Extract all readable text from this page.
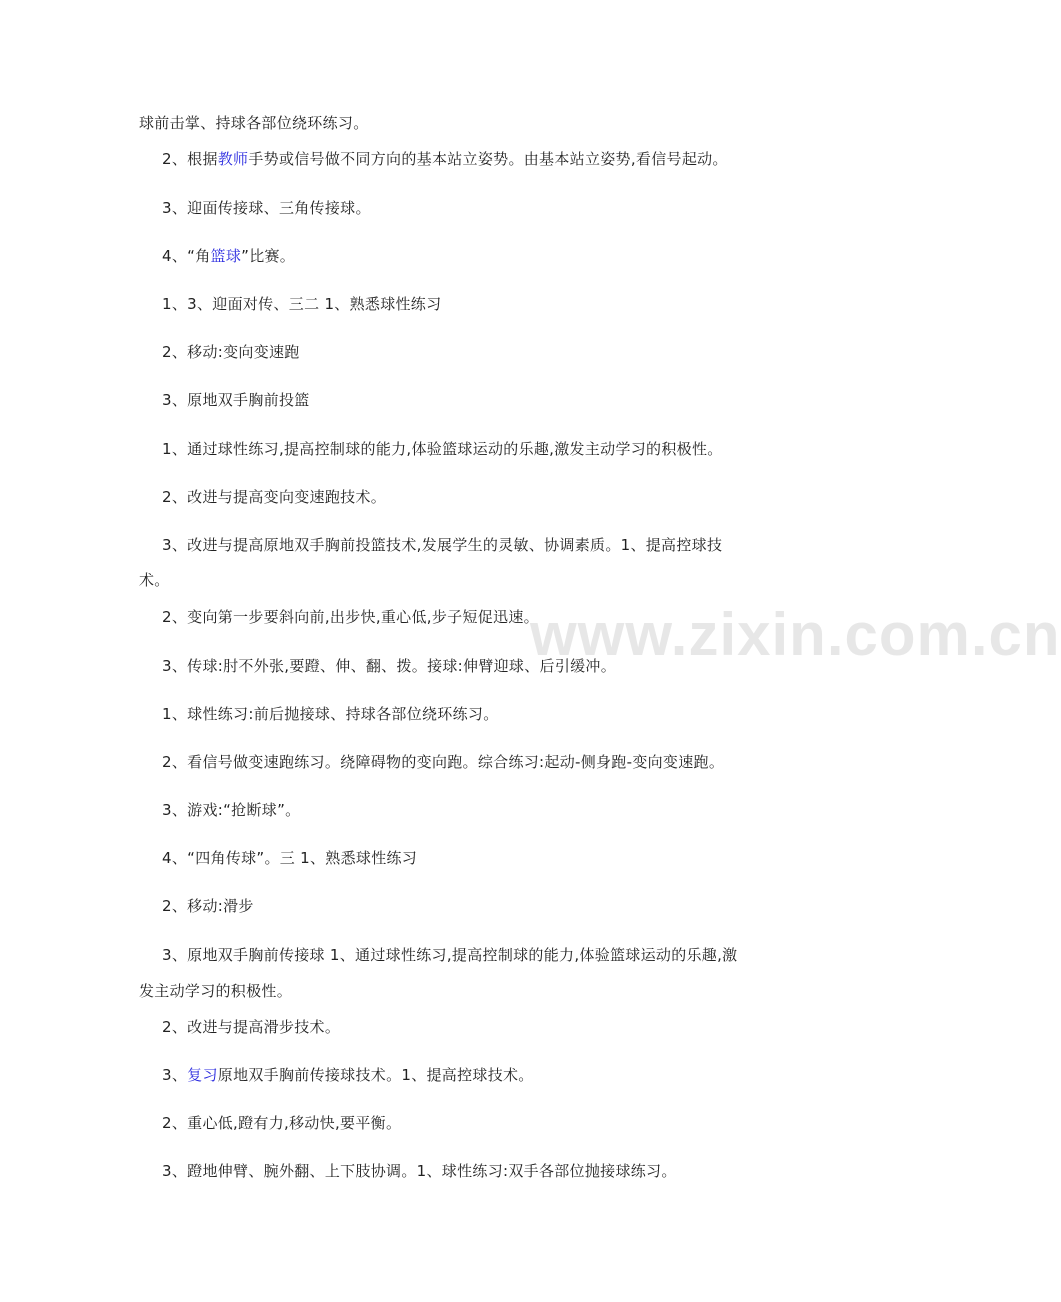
www.zixin.com.cn
球前击掌、持球各部位绕环练习。
2、根据教师手势或信号做不同方向的基本站立姿势。由基本站立姿势,看信号起动。
3、迎面传接球、三角传接球。
4、“角篮球”比赛。
1、3、迎面对传、三二 1、熟悉球性练习
2、移动:变向变速跑
3、原地双手胸前投篮
1、通过球性练习,提高控制球的能力,体验篮球运动的乐趣,激发主动学习的积极性。
2、改进与提高变向变速跑技术。
3、改进与提高原地双手胸前投篮技术,发展学生的灵敏、协调素质。1、提高控球技
术。
2、变向第一步要斜向前,出步快,重心低,步子短促迅速。
3、传球:肘不外张,要蹬、伸、翻、拨。接球:伸臂迎球、后引缓冲。
1、球性练习:前后抛接球、持球各部位绕环练习。
2、看信号做变速跑练习。绕障碍物的变向跑。综合练习:起动-侧身跑-变向变速跑。
3、游戏:“抢断球”。
4、“四角传球”。三 1、熟悉球性练习
2、移动:滑步
3、原地双手胸前传接球 1、通过球性练习,提高控制球的能力,体验篮球运动的乐趣,激
发主动学习的积极性。
2、改进与提高滑步技术。
3、复习原地双手胸前传接球技术。1、提高控球技术。
2、重心低,蹬有力,移动快,要平衡。
3、蹬地伸臂、腕外翻、上下肢协调。1、球性练习:双手各部位抛接球练习。
